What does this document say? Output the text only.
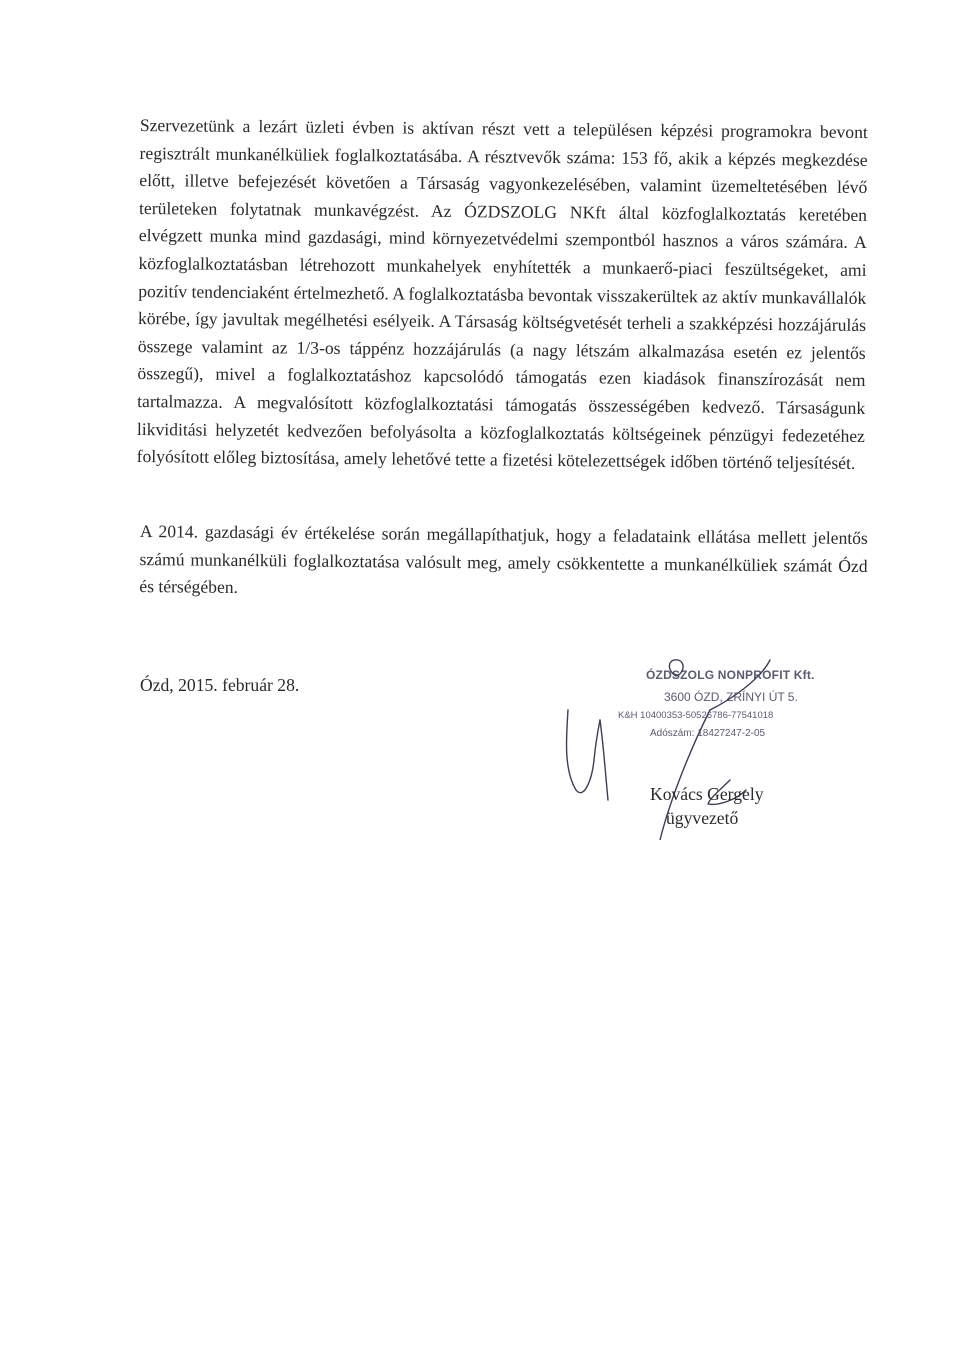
Szervezetünk a lezárt üzleti évben is aktívan részt vett a településen képzési programokra bevont regisztrált munkanélküliek foglalkoztatásába. A résztvevők száma: 153 fő, akik a képzés megkezdése előtt, illetve befejezését követően a Társaság vagyonkezelésében, valamint üzemeltetésében lévő területeken folytatnak munkavégzést. Az ÓZDSZOLG NKft által közfoglalkoztatás keretében elvégzett munka mind gazdasági, mind környezetvédelmi szempontból hasznos a város számára. A közfoglalkoztatásban létrehozott munkahelyek enyhítették a munkaerő-piaci feszültségeket, ami pozitív tendenciaként értelmezhető. A foglalkoztatásba bevontak visszakerültek az aktív munkavállalók körébe, így javultak megélhetési esélyeik. A Társaság költségvetését terheli a szakképzési hozzájárulás összege valamint az 1/3-os táppénz hozzájárulás (a nagy létszám alkalmazása esetén ez jelentős összegű), mivel a foglalkoztatáshoz kapcsolódó támogatás ezen kiadások finanszírozását nem tartalmazza. A megvalósított közfoglalkoztatási támogatás összességében kedvező. Társaságunk likviditási helyzetét kedvezően befolyásolta a közfoglalkoztatás költségeinek pénzügyi fedezetéhez folyósított előleg biztosítása, amely lehetővé tette a fizetési kötelezettségek időben történő teljesítését.

A 2014. gazdasági év értékelése során megállapíthatjuk, hogy a feladataink ellátása mellett jelentős számú munkanélküli foglalkoztatása valósult meg, amely csökkentette a munkanélküliek számát Ózd és térségében.

Ózd, 2015. február 28.	ÓZDSZOLG NONPROFIT Kft.
3600 ÓZD, ZRÍNYI ÚT 5.
K&H 10400353-50526786-77541018
Adószám: 18427247-2-05

Kovács Gergely

ügyvezető
